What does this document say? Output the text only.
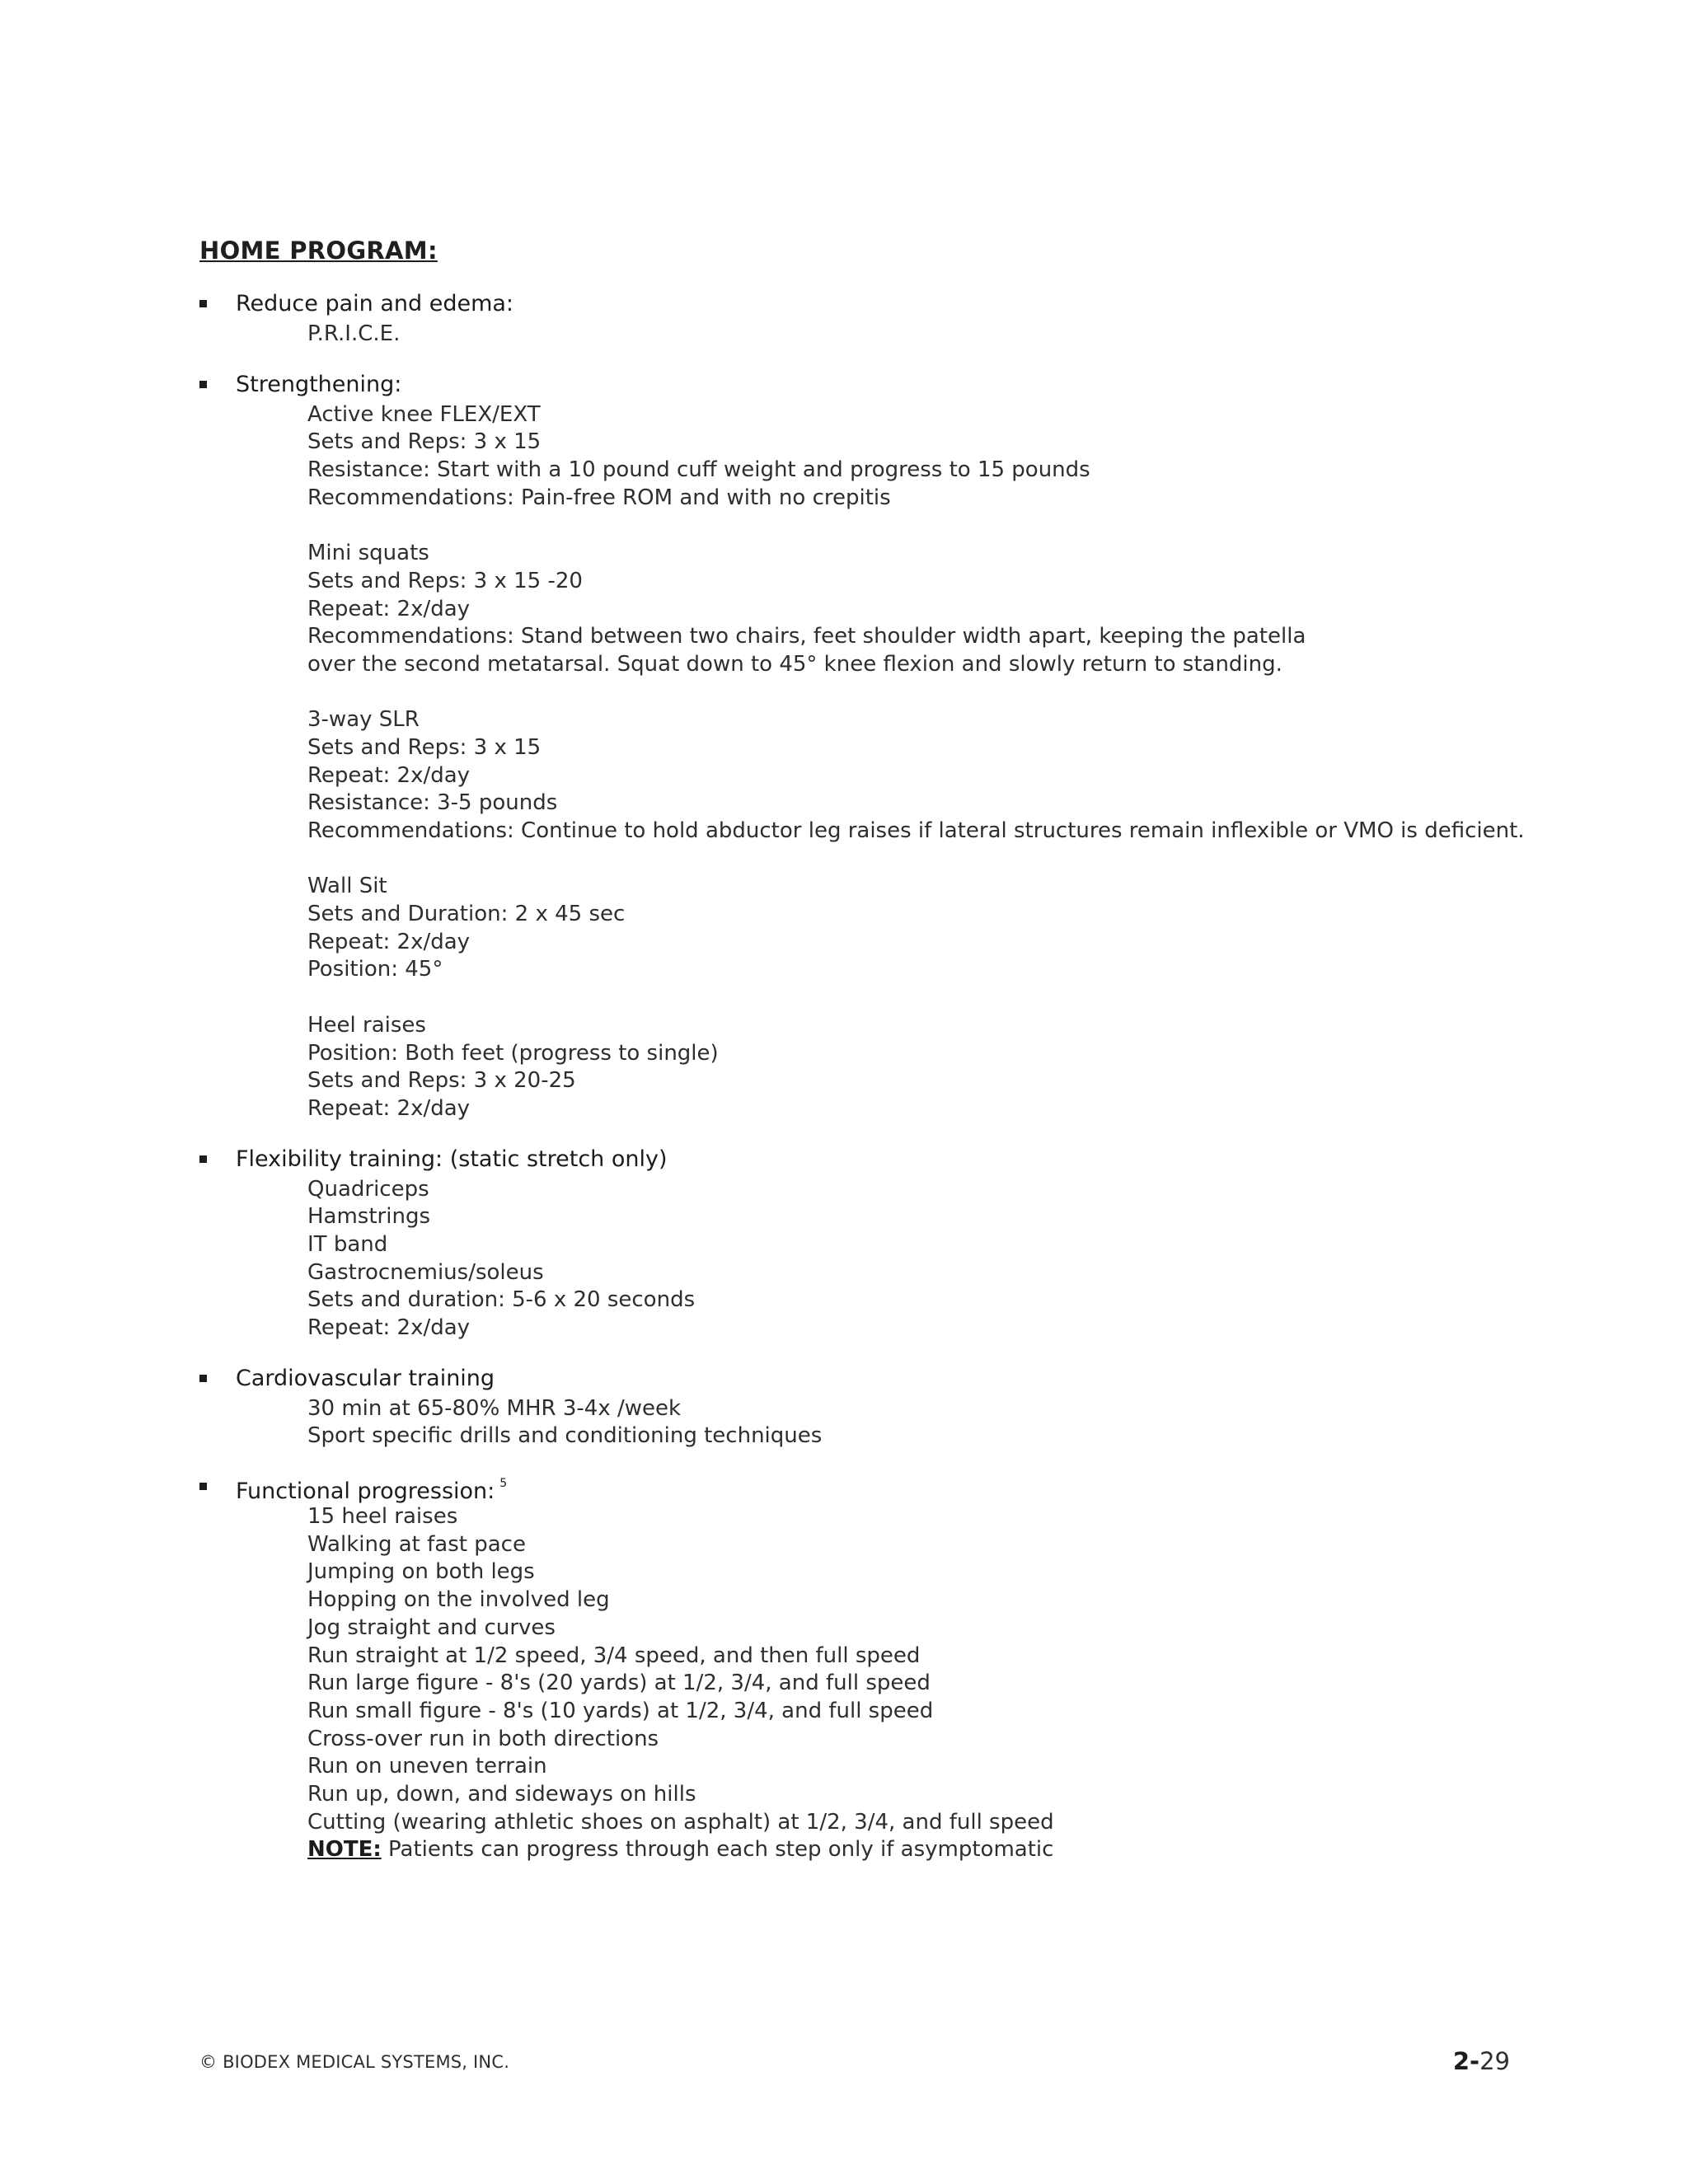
HOME PROGRAM:
Reduce pain and edema:
P.R.I.C.E.
Strengthening:
Active knee FLEX/EXT
Sets and Reps: 3 x 15
Resistance: Start with a 10 pound cuff weight and progress to 15 pounds
Recommendations: Pain-free ROM and with no crepitis
Mini squats
Sets and Reps: 3 x 15 -20
Repeat: 2x/day
Recommendations: Stand between two chairs, feet shoulder width apart, keeping the patella
over the second metatarsal. Squat down to 45° knee flexion and slowly return to standing.
3-way SLR
Sets and Reps: 3 x 15
Repeat: 2x/day
Resistance: 3-5 pounds
Recommendations: Continue to hold abductor leg raises if lateral structures remain inflexible or VMO is deficient.
Wall Sit
Sets and Duration: 2 x 45 sec
Repeat: 2x/day
Position: 45°
Heel raises
Position: Both feet (progress to single)
Sets and Reps: 3 x 20-25
Repeat: 2x/day
Flexibility training: (static stretch only)
Quadriceps
Hamstrings
IT band
Gastrocnemius/soleus
Sets and duration: 5-6 x 20 seconds
Repeat: 2x/day
Cardiovascular training
30 min at 65-80% MHR 3-4x /week
Sport specific drills and conditioning techniques
Functional progression: $^5$
15 heel raises
Walking at fast pace
Jumping on both legs
Hopping on the involved leg
Jog straight and curves
Run straight at 1/2 speed, 3/4 speed, and then full speed
Run large figure - 8's (20 yards) at 1/2, 3/4, and full speed
Run small figure - 8's (10 yards) at 1/2, 3/4, and full speed
Cross-over run in both directions
Run on uneven terrain
Run up, down, and sideways on hills
Cutting (wearing athletic shoes on asphalt) at 1/2, 3/4, and full speed
NOTE: Patients can progress through each step only if asymptomatic
© BIODEX MEDICAL SYSTEMS, INC.	2-29
